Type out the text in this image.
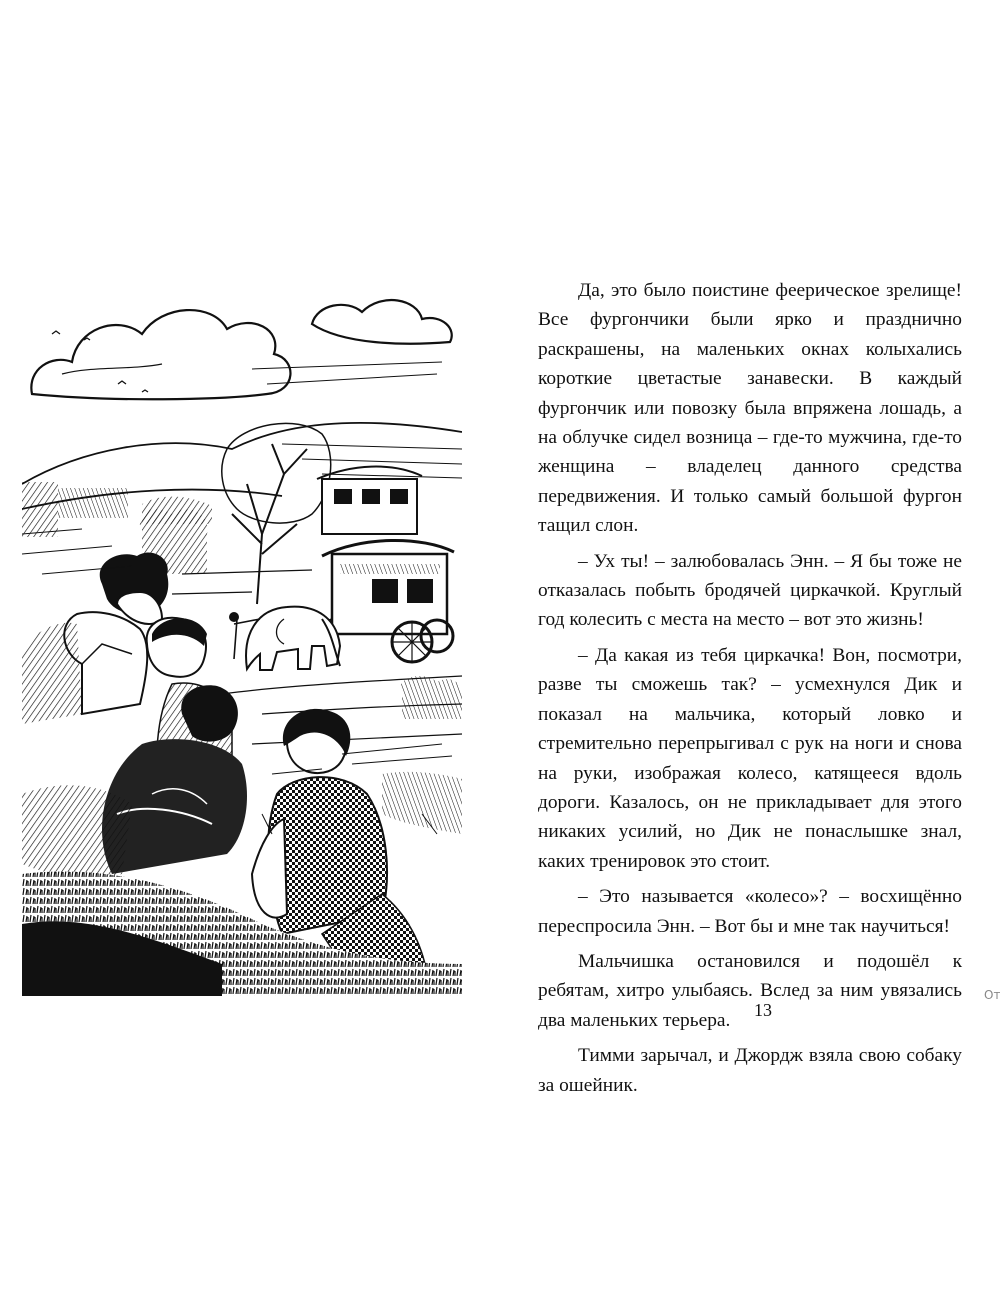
Да, это было поистине феерическое зрелище! Все фургончики были ярко и празднично раскрашены, на маленьких окнах колыхались короткие цветастые занавески. В каждый фургончик или повозку была впряжена лошадь, а на облучке сидел возница – где-то мужчина, где-то женщина – владелец данного средства передвижения. И только самый большой фургон тащил слон.

– Ух ты! – залюбовалась Энн. – Я бы тоже не отказалась побыть бродячей циркачкой. Круглый год колесить с места на место – вот это жизнь!

– Да какая из тебя циркачка! Вон, посмотри, разве ты сможешь так? – усмехнулся Дик и показал на мальчика, который ловко и стремительно перепрыгивал с рук на ноги и снова на руки, изображая колесо, катящееся вдоль дороги. Казалось, он не прикладывает для этого никаких усилий, но Дик не понаслышке знал, каких тренировок это стоит.

– Это называется «колесо»? – восхищённо переспросила Энн. – Вот бы и мне так научиться!

Мальчишка остановился и подошёл к ребятам, хитро улыбаясь. Вслед за ним увязались два маленьких терьера.

Тимми зарычал, и Джордж взяла свою собаку за ошейник.

13
От
